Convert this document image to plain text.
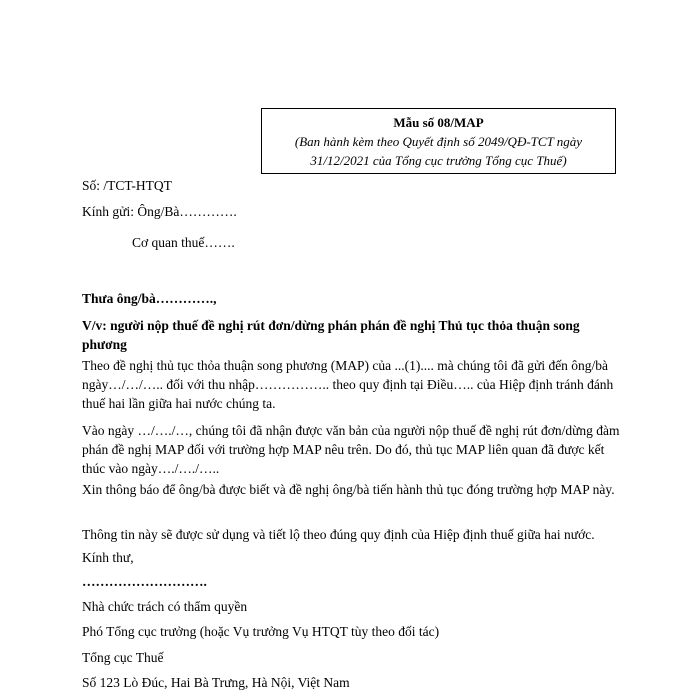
Mẫu số 08/MAP
(Ban hành kèm theo Quyết định số 2049/QĐ-TCT ngày
31/12/2021 của Tổng cục trưởng Tổng cục Thuế)
Số: /TCT-HTQT
Kính gửi: Ông/Bà………….
Cơ quan thuế…….
Thưa ông/bà………….,
V/v: người nộp thuế đề nghị rút đơn/dừng phán phán đề nghị Thủ tục thỏa thuận song phương
Theo đề nghị thủ tục thỏa thuận song phương (MAP) của ...(1).... mà chúng tôi đã gửi đến ông/bà ngày…/…/….. đối với thu nhập…………….. theo quy định tại Điều….. của Hiệp định tránh đánh thuế hai lần giữa hai nước chúng ta.
Vào ngày …/…./…, chúng tôi đã nhận được văn bản của người nộp thuế đề nghị rút đơn/dừng đàm phán đề nghị MAP đối với trường hợp MAP nêu trên. Do đó, thủ tục MAP liên quan đã được kết thúc vào ngày…./…./…..
Xin thông báo để ông/bà được biết và đề nghị ông/bà tiến hành thủ tục đóng trường hợp MAP này.
Thông tin này sẽ được sử dụng và tiết lộ theo đúng quy định của Hiệp định thuế giữa hai nước.
Kính thư,
……………………….
Nhà chức trách có thẩm quyền
Phó Tổng cục trưởng (hoặc Vụ trưởng Vụ HTQT tùy theo đối tác)
Tổng cục Thuế
Số 123 Lò Đúc, Hai Bà Trưng, Hà Nội, Việt Nam
